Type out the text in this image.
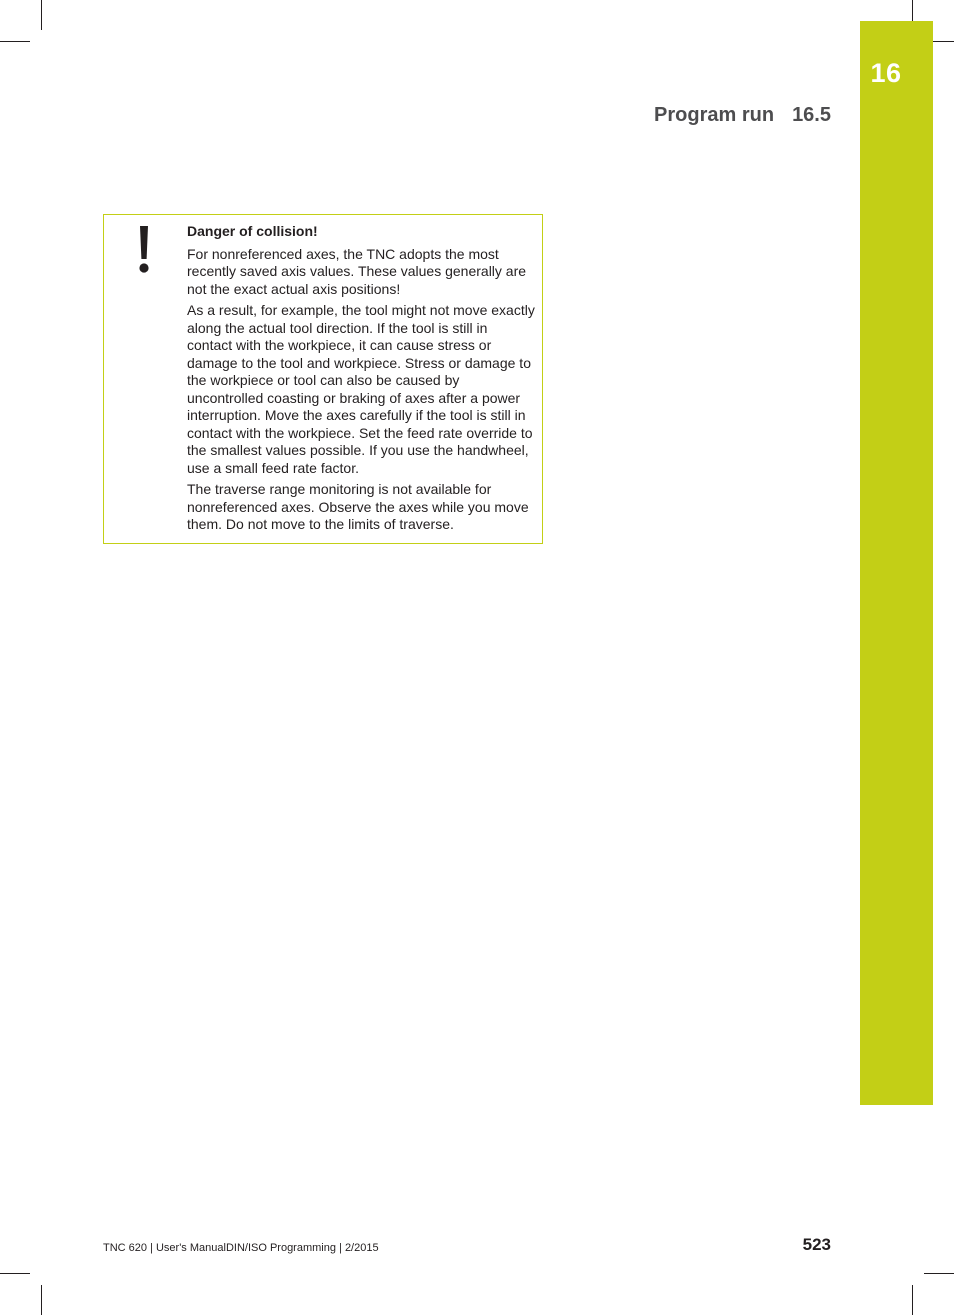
16
Program run 16.5
Danger of collision!

For nonreferenced axes, the TNC adopts the most recently saved axis values. These values generally are not the exact actual axis positions!

As a result, for example, the tool might not move exactly along the actual tool direction. If the tool is still in contact with the workpiece, it can cause stress or damage to the tool and workpiece. Stress or damage to the workpiece or tool can also be caused by uncontrolled coasting or braking of axes after a power interruption. Move the axes carefully if the tool is still in contact with the workpiece. Set the feed rate override to the smallest values possible. If you use the handwheel, use a small feed rate factor.

The traverse range monitoring is not available for nonreferenced axes. Observe the axes while you move them. Do not move to the limits of traverse.

TNC 620 | User's ManualDIN/ISO Programming | 2/2015	523
